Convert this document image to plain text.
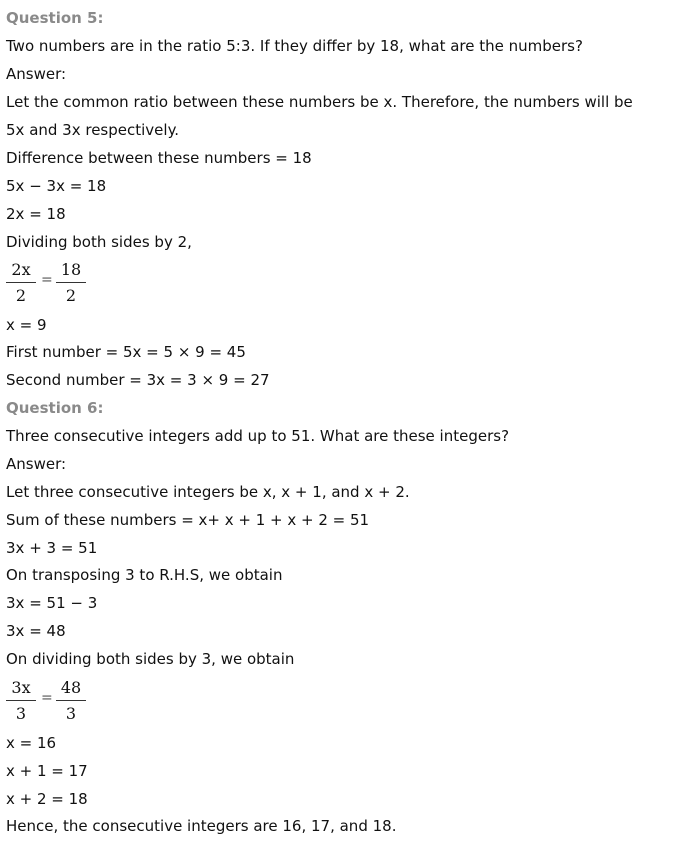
Question 5:
Two numbers are in the ratio 5:3. If they differ by 18, what are the numbers?
Answer:
Let the common ratio between these numbers be x. Therefore, the numbers will be
5x and 3x respectively.
Difference between these numbers = 18
5x − 3x = 18
2x = 18
Dividing both sides by 2,
2x
2
=
18
2
x = 9
First number = 5x = 5 × 9 = 45
Second number = 3x = 3 × 9 = 27
Question 6:
Three consecutive integers add up to 51. What are these integers?
Answer:
Let three consecutive integers be x, x + 1, and x + 2.
Sum of these numbers = x+ x + 1 + x + 2 = 51
3x + 3 = 51
On transposing 3 to R.H.S, we obtain
3x = 51 − 3
3x = 48
On dividing both sides by 3, we obtain
3x
3
=
48
3
x = 16
x + 1 = 17
x + 2 = 18
Hence, the consecutive integers are 16, 17, and 18.
